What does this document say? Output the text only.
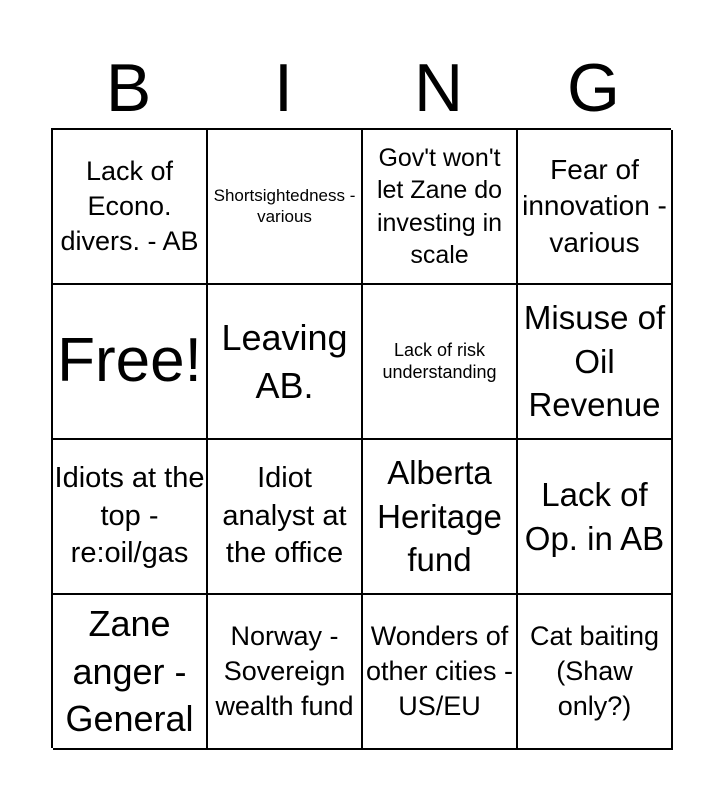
B	I	N	G
Lack of Econo. divers. - AB
Shortsightedness - various
Gov't won't let Zane do investing in scale
Fear of innovation - various
Free! Leaving AB.
Lack of risk understanding
Misuse of Oil Revenue
Idiots at the top - re:oil/gas
Idiot analyst at the office
Alberta Heritage fund
Lack of Op. in AB
Zane anger - General
Norway - Sovereign wealth fund
Wonders of other cities - US/EU
Cat baiting (Shaw only?)
